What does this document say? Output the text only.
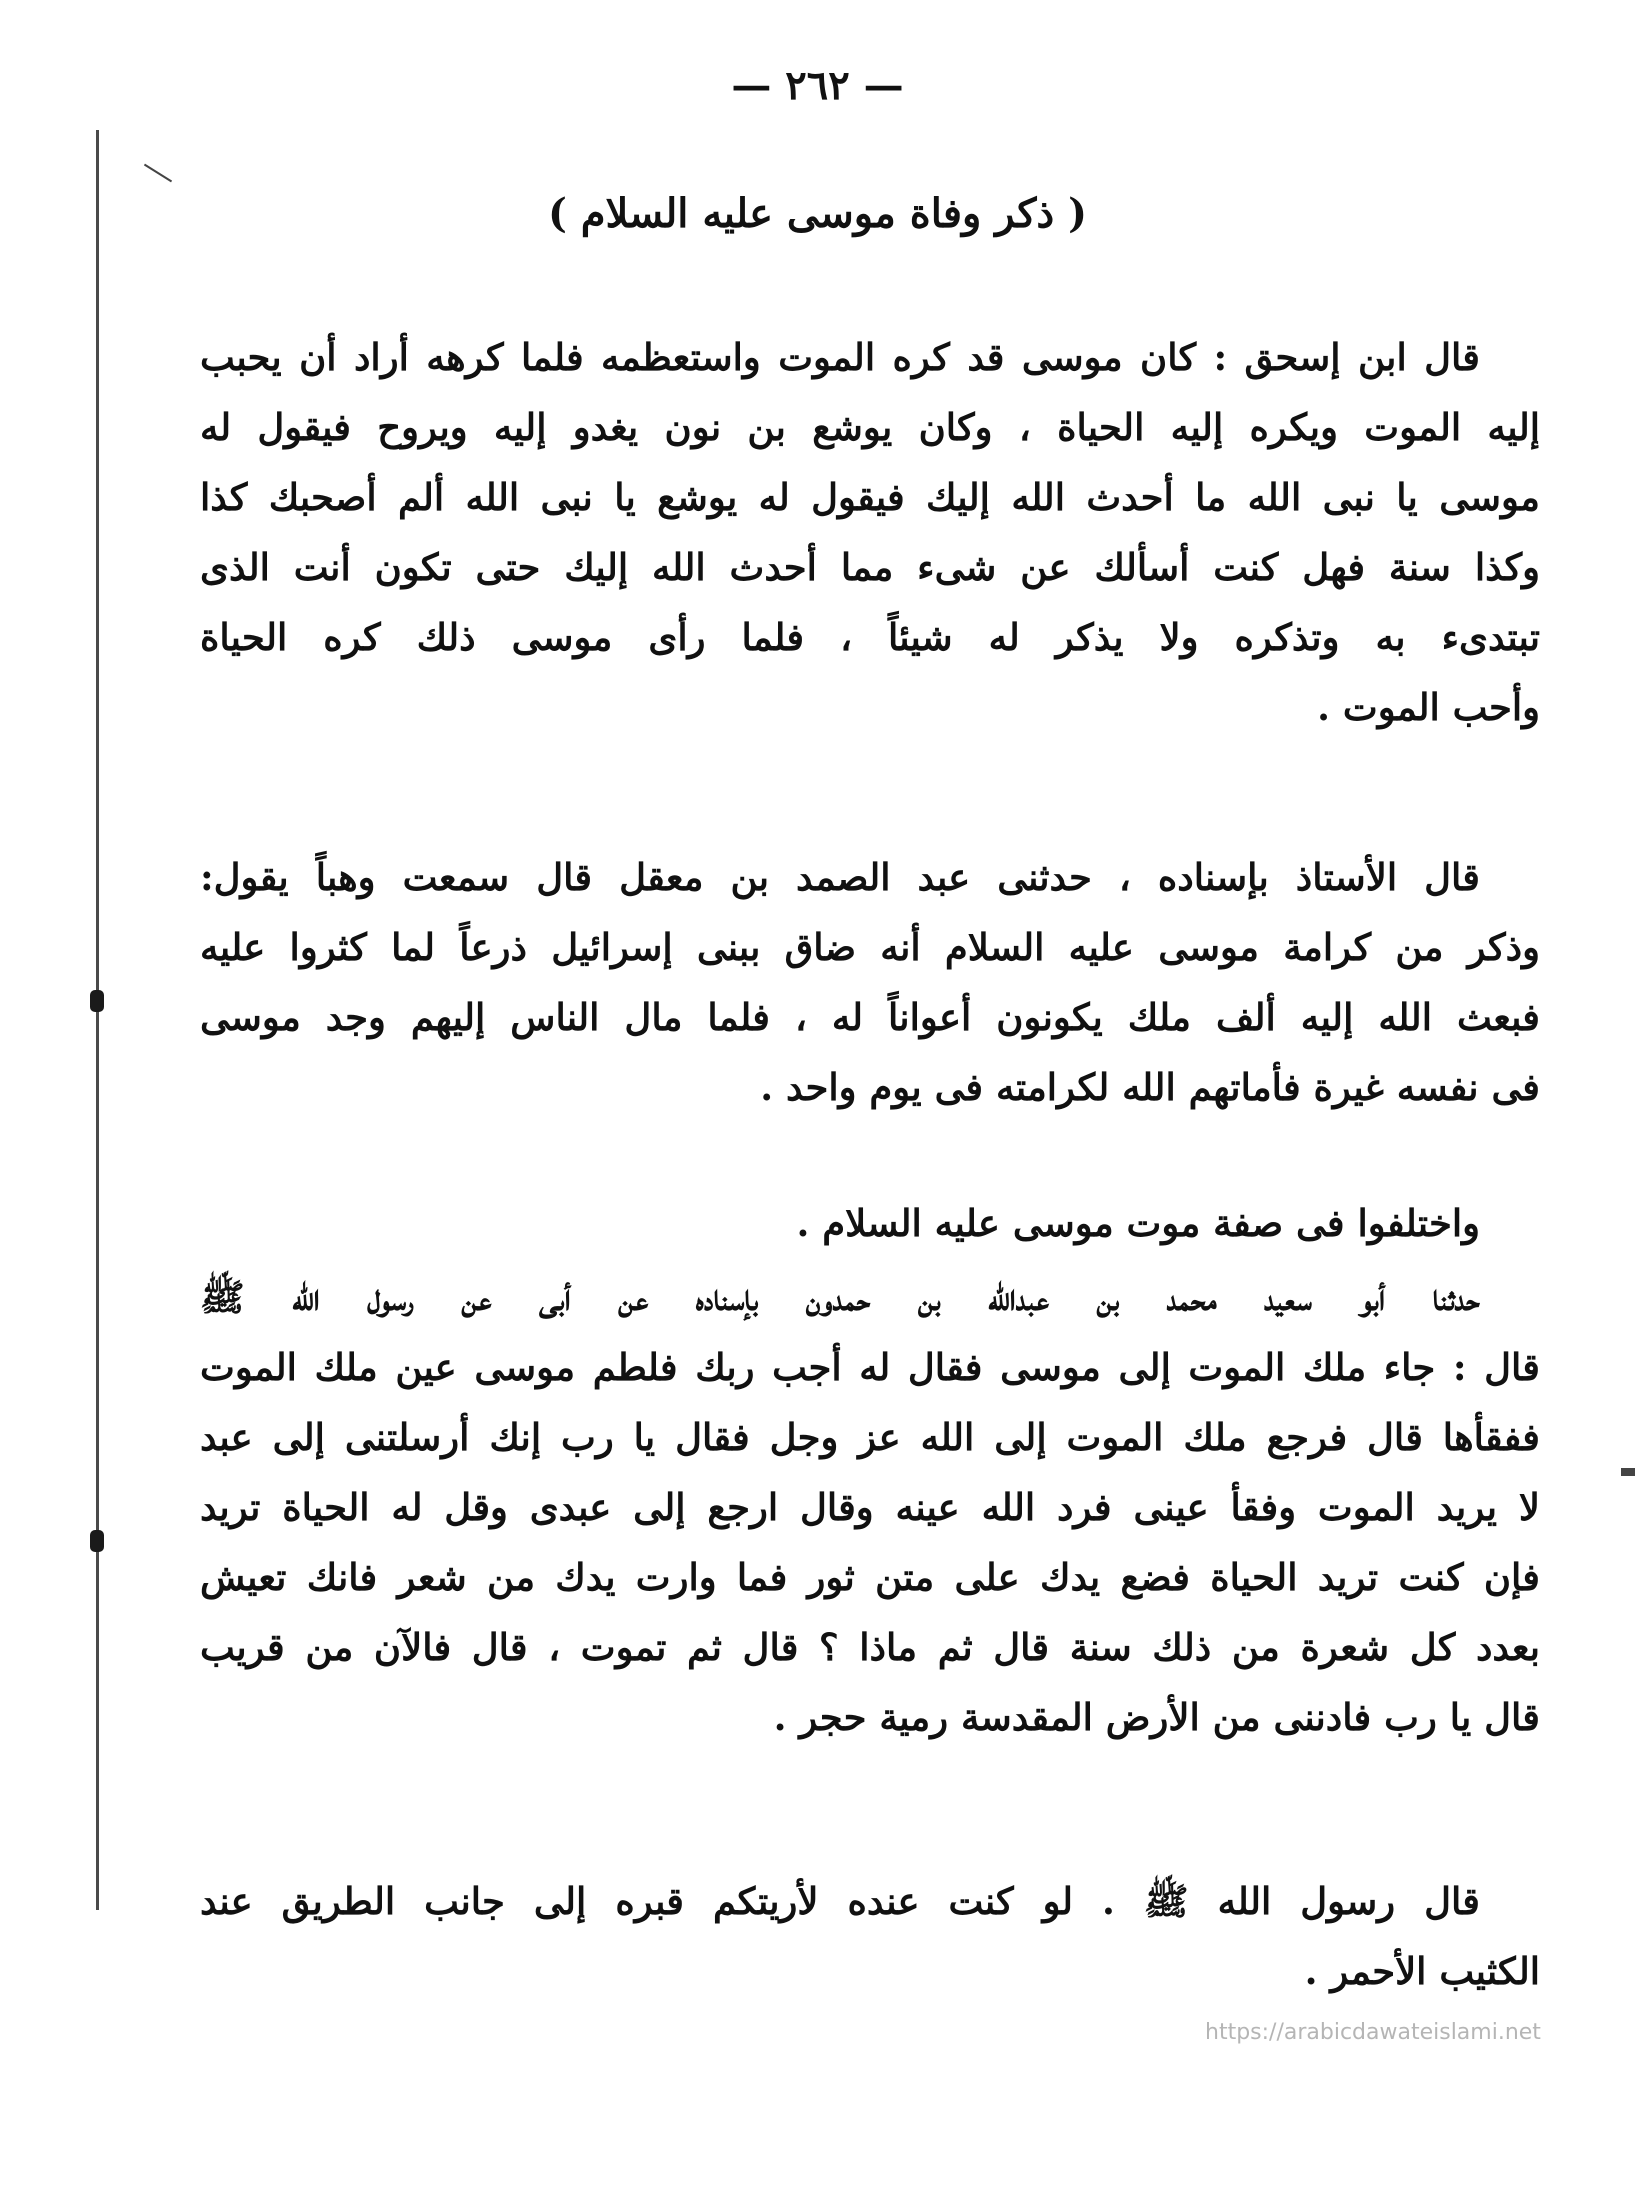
— ٢٦٢ —
( ذكر وفاة موسى عليه السلام )
قال ابن إسحق : كان موسى قد كره الموت واستعظمه فلما كرهه أراد أن يحبب
إليه الموت ويكره إليه الحياة ، وكان يوشع بن نون يغدو إليه ويروح فيقول له
موسى يا نبى الله ما أحدث الله إليك فيقول له يوشع يا نبى الله ألم أصحبك كذا
وكذا سنة فهل كنت أسألك عن شىء مما أحدث الله إليك حتى تكون أنت الذى
تبتدىء به وتذكره ولا يذكر له شيئاً ، فلما رأى موسى ذلك كره الحياة
وأحب الموت .
قال الأستاذ بإسناده ، حدثنى عبد الصمد بن معقل قال سمعت وهباً يقول:
وذكر من كرامة موسى عليه السلام أنه ضاق ببنى إسرائيل ذرعاً لما كثروا عليه
فبعث الله إليه ألف ملك يكونون أعواناً له ، فلما مال الناس إليهم وجد موسى
فى نفسه غيرة فأماتهم الله لكرامته فى يوم واحد .
واختلفوا فى صفة موت موسى عليه السلام .
حدثنا أبو سعيد محمد بن عبدالله بن حمدون بإسناده عن أبى عن رسول الله ﷺ
قال : جاء ملك الموت إلى موسى فقال له أجب ربك فلطم موسى عين ملك الموت
ففقأها قال فرجع ملك الموت إلى الله عز وجل فقال يا رب إنك أرسلتنى إلى عبد
لا يريد الموت وفقأ عينى فرد الله عينه وقال ارجع إلى عبدى وقل له الحياة تريد
فإن كنت تريد الحياة فضع يدك على متن ثور فما وارت يدك من شعر فانك تعيش
بعدد كل شعرة من ذلك سنة قال ثم ماذا ؟ قال ثم تموت ، قال فالآن من قريب
قال يا رب فادننى من الأرض المقدسة رمية حجر .
قال رسول الله ﷺ . لو كنت عنده لأريتكم قبره إلى جانب الطريق عند
الكثيب الأحمر .
https://arabicdawateislami.net
